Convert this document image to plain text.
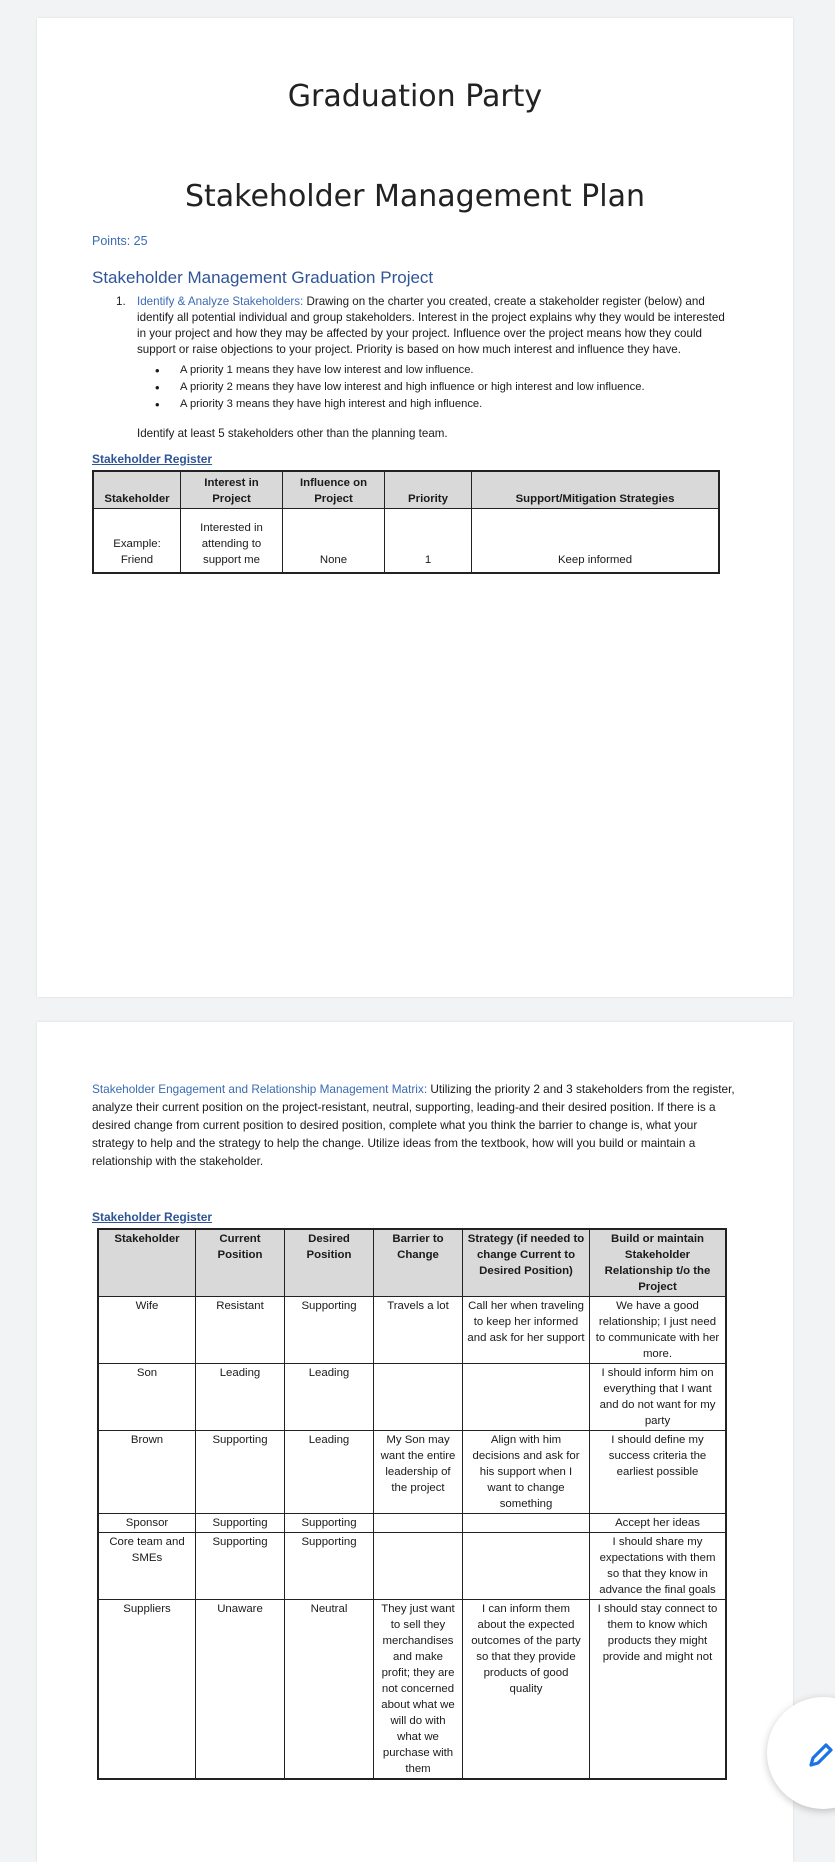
Graduation Party
Stakeholder Management Plan
Points: 25
Stakeholder Management Graduation Project
1. Identify & Analyze Stakeholders: Drawing on the charter you created, create a stakeholder register (below) and identify all potential individual and group stakeholders. Interest in the project explains why they would be interested in your project and how they may be affected by your project. Influence over the project means how they could support or raise objections to your project. Priority is based on how much interest and influence they have.
• A priority 1 means they have low interest and low influence.
• A priority 2 means they have low interest and high influence or high interest and low influence.
• A priority 3 means they have high interest and high influence.
Identify at least 5 stakeholders other than the planning team.
Stakeholder Register
Stakeholder	Interest in Project	Influence on Project	Priority	Support/Mitigation Strategies
Example: Friend	Interested in attending to support me	None	1	Keep informed
Stakeholder Engagement and Relationship Management Matrix: Utilizing the priority 2 and 3 stakeholders from the register, analyze their current position on the project-resistant, neutral, supporting, leading-and their desired position. If there is a desired change from current position to desired position, complete what you think the barrier to change is, what your strategy to help and the strategy to help the change. Utilize ideas from the textbook, how will you build or maintain a relationship with the stakeholder.
Stakeholder Register
Stakeholder	Current Position	Desired Position	Barrier to Change	Strategy (if needed to change Current to Desired Position)	Build or maintain Stakeholder Relationship t/o the Project
Wife	Resistant	Supporting	Travels a lot	Call her when traveling to keep her informed and ask for her support	We have a good relationship; I just need to communicate with her more.
Son	Leading	Leading			I should inform him on everything that I want and do not want for my party
Brown	Supporting	Leading	My Son may want the entire leadership of the project	Align with him decisions and ask for his support when I want to change something	I should define my success criteria the earliest possible
Sponsor	Supporting	Supporting			Accept her ideas
Core team and SMEs	Supporting	Supporting			I should share my expectations with them so that they know in advance the final goals
Suppliers	Unaware	Neutral	They just want to sell they merchandises and make profit; they are not concerned about what we will do with what we purchase with them	I can inform them about the expected outcomes of the party so that they provide products of good quality	I should stay connect to them to know which products they might provide and might not
